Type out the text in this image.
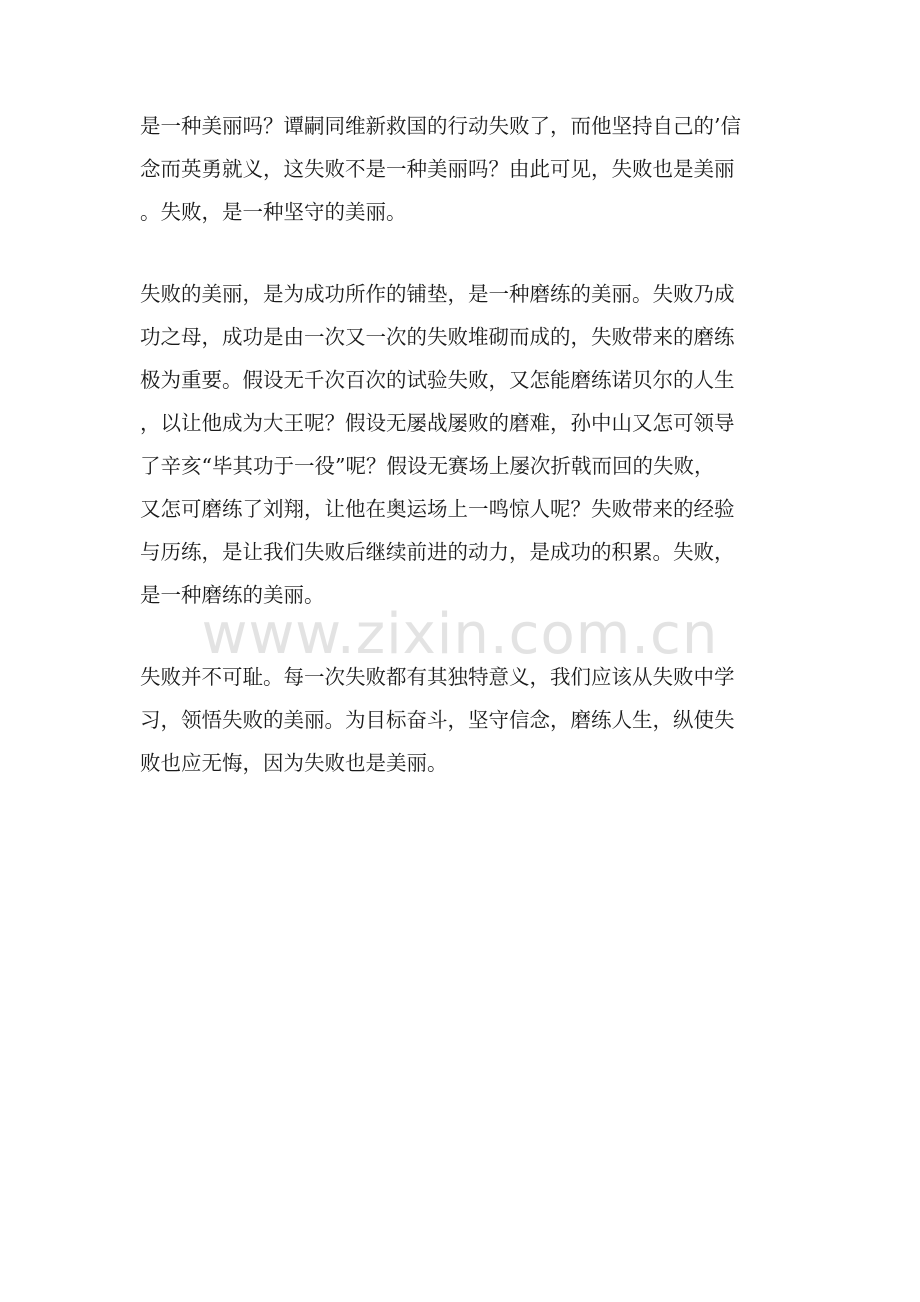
www.zixin.com.cn
是一种美丽吗？谭嗣同维新救国的行动失败了，而他坚持自己的’信
念而英勇就义，这失败不是一种美丽吗？由此可见，失败也是美丽
。失败，是一种坚守的美丽。
失败的美丽，是为成功所作的铺垫，是一种磨练的美丽。失败乃成
功之母，成功是由一次又一次的失败堆砌而成的，失败带来的磨练
极为重要。假设无千次百次的试验失败，又怎能磨练诺贝尔的人生
，以让他成为大王呢？假设无屡战屡败的磨难，孙中山又怎可领导
了辛亥“毕其功于一役”呢？假设无赛场上屡次折戟而回的失败，
又怎可磨练了刘翔，让他在奥运场上一鸣惊人呢？失败带来的经验
与历练，是让我们失败后继续前进的动力，是成功的积累。失败，
是一种磨练的美丽。
失败并不可耻。每一次失败都有其独特意义，我们应该从失败中学
习，领悟失败的美丽。为目标奋斗，坚守信念，磨练人生，纵使失
败也应无悔，因为失败也是美丽。
